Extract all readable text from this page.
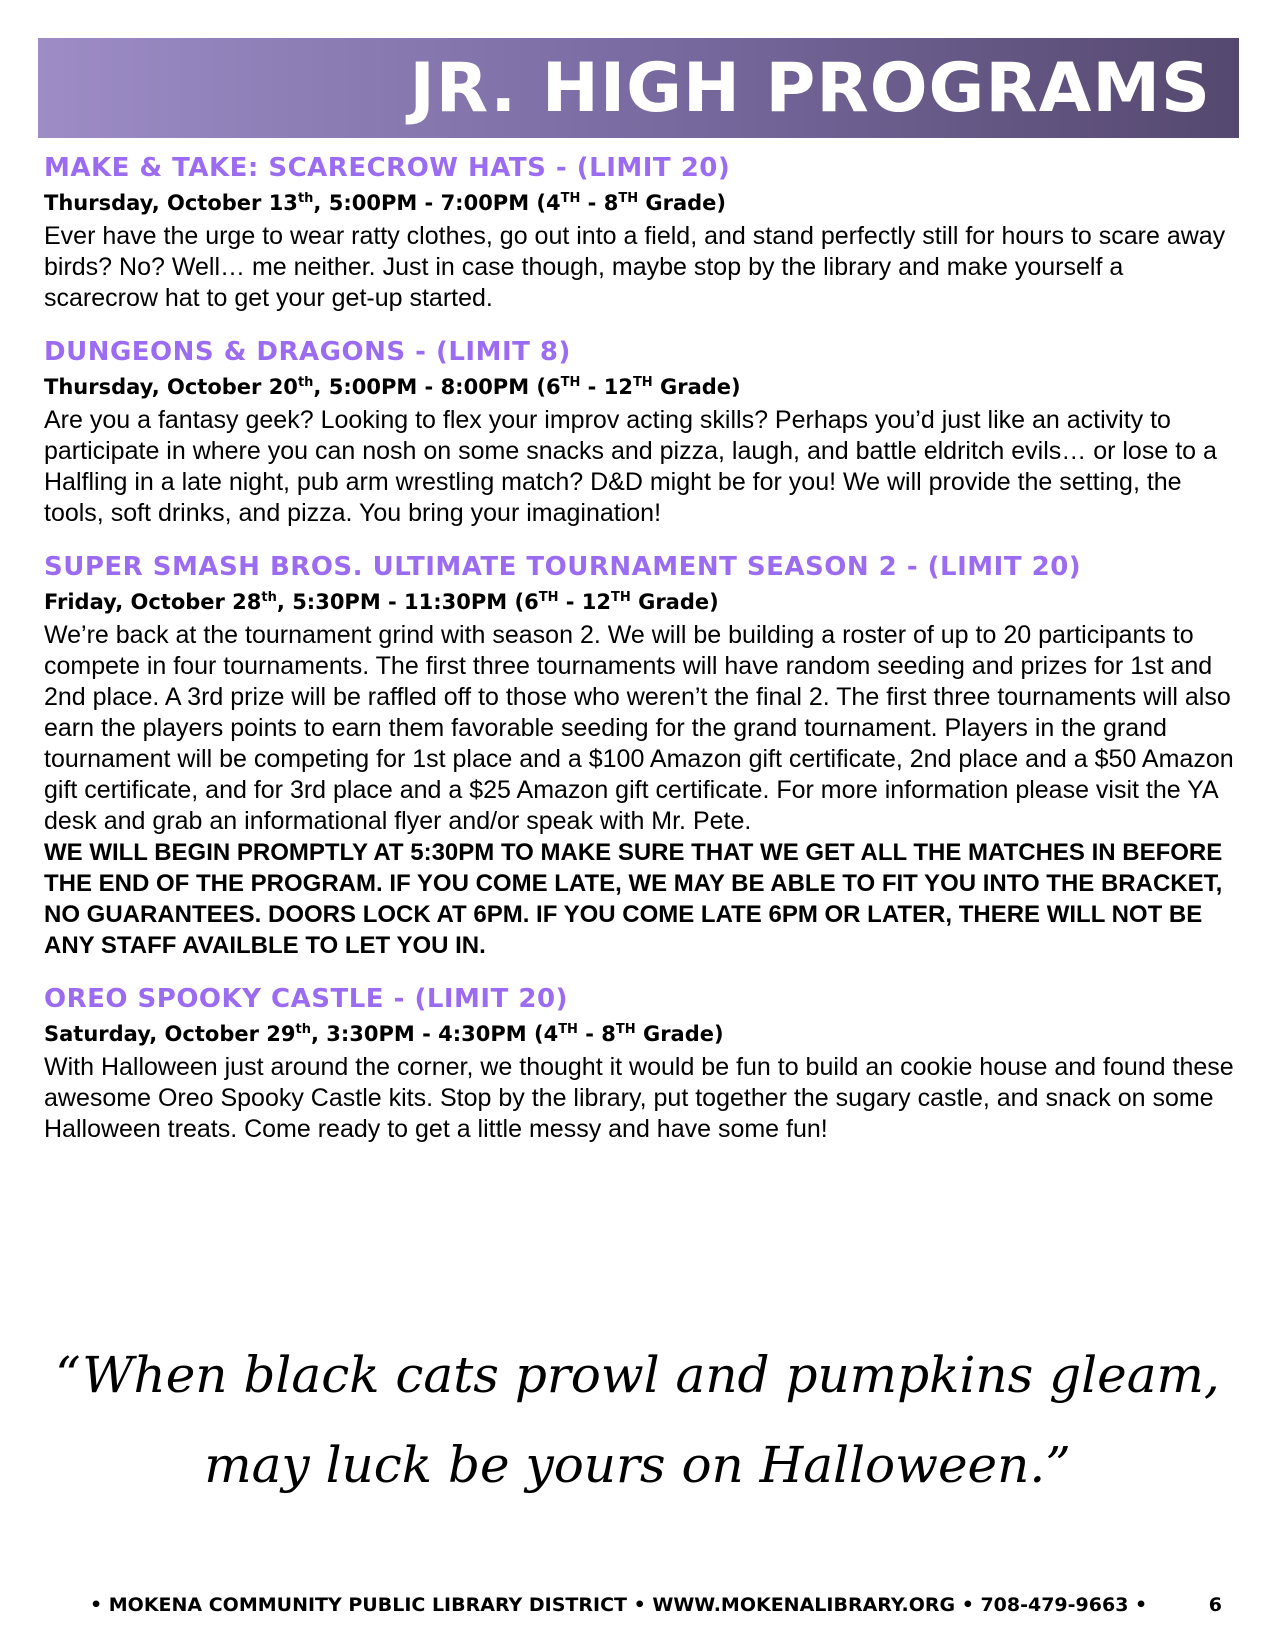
JR. HIGH PROGRAMS
MAKE & TAKE: SCARECROW HATS - (LIMIT 20)
Thursday, October 13th, 5:00PM - 7:00PM (4TH - 8TH Grade)

Ever have the urge to wear ratty clothes, go out into a field, and stand perfectly still for hours to scare away birds? No? Well… me neither. Just in case though, maybe stop by the library and make yourself a scarecrow hat to get your get-up started.

DUNGEONS & DRAGONS - (LIMIT 8)
Thursday, October 20th, 5:00PM - 8:00PM (6TH - 12TH Grade)

Are you a fantasy geek? Looking to flex your improv acting skills? Perhaps you’d just like an activity to participate in where you can nosh on some snacks and pizza, laugh, and battle eldritch evils… or lose to a Halfling in a late night, pub arm wrestling match? D&D might be for you! We will provide the setting, the tools, soft drinks, and pizza. You bring your imagination!

SUPER SMASH BROS. ULTIMATE TOURNAMENT SEASON 2 - (LIMIT 20)
Friday, October 28th, 5:30PM - 11:30PM (6TH - 12TH Grade)

We’re back at the tournament grind with season 2. We will be building a roster of up to 20 participants to compete in four tournaments. The first three tournaments will have random seeding and prizes for 1st and 2nd place. A 3rd prize will be raffled off to those who weren’t the final 2. The first three tournaments will also earn the players points to earn them favorable seeding for the grand tournament. Players in the grand tournament will be competing for 1st place and a $100 Amazon gift certificate, 2nd place and a $50 Amazon gift certificate, and for 3rd place and a $25 Amazon gift certificate. For more information please visit the YA desk and grab an informational flyer and/or speak with Mr. Pete.

WE WILL BEGIN PROMPTLY AT 5:30PM TO MAKE SURE THAT WE GET ALL THE MATCHES IN BEFORE THE END OF THE PROGRAM. IF YOU COME LATE, WE MAY BE ABLE TO FIT YOU INTO THE BRACKET, NO GUARANTEES. DOORS LOCK AT 6PM. IF YOU COME LATE 6PM OR LATER, THERE WILL NOT BE ANY STAFF AVAILBLE TO LET YOU IN.

OREO SPOOKY CASTLE - (LIMIT 20)
Saturday, October 29th, 3:30PM - 4:30PM (4TH - 8TH Grade)

With Halloween just around the corner, we thought it would be fun to build an cookie house and found these awesome Oreo Spooky Castle kits. Stop by the library, put together the sugary castle, and snack on some Halloween treats. Come ready to get a little messy and have some fun!

“When black cats prowl and pumpkins gleam,
may luck be yours on Halloween.”
• MOKENA COMMUNITY PUBLIC LIBRARY DISTRICT • WWW.MOKENALIBRARY.ORG • 708-479-9663 •	6
